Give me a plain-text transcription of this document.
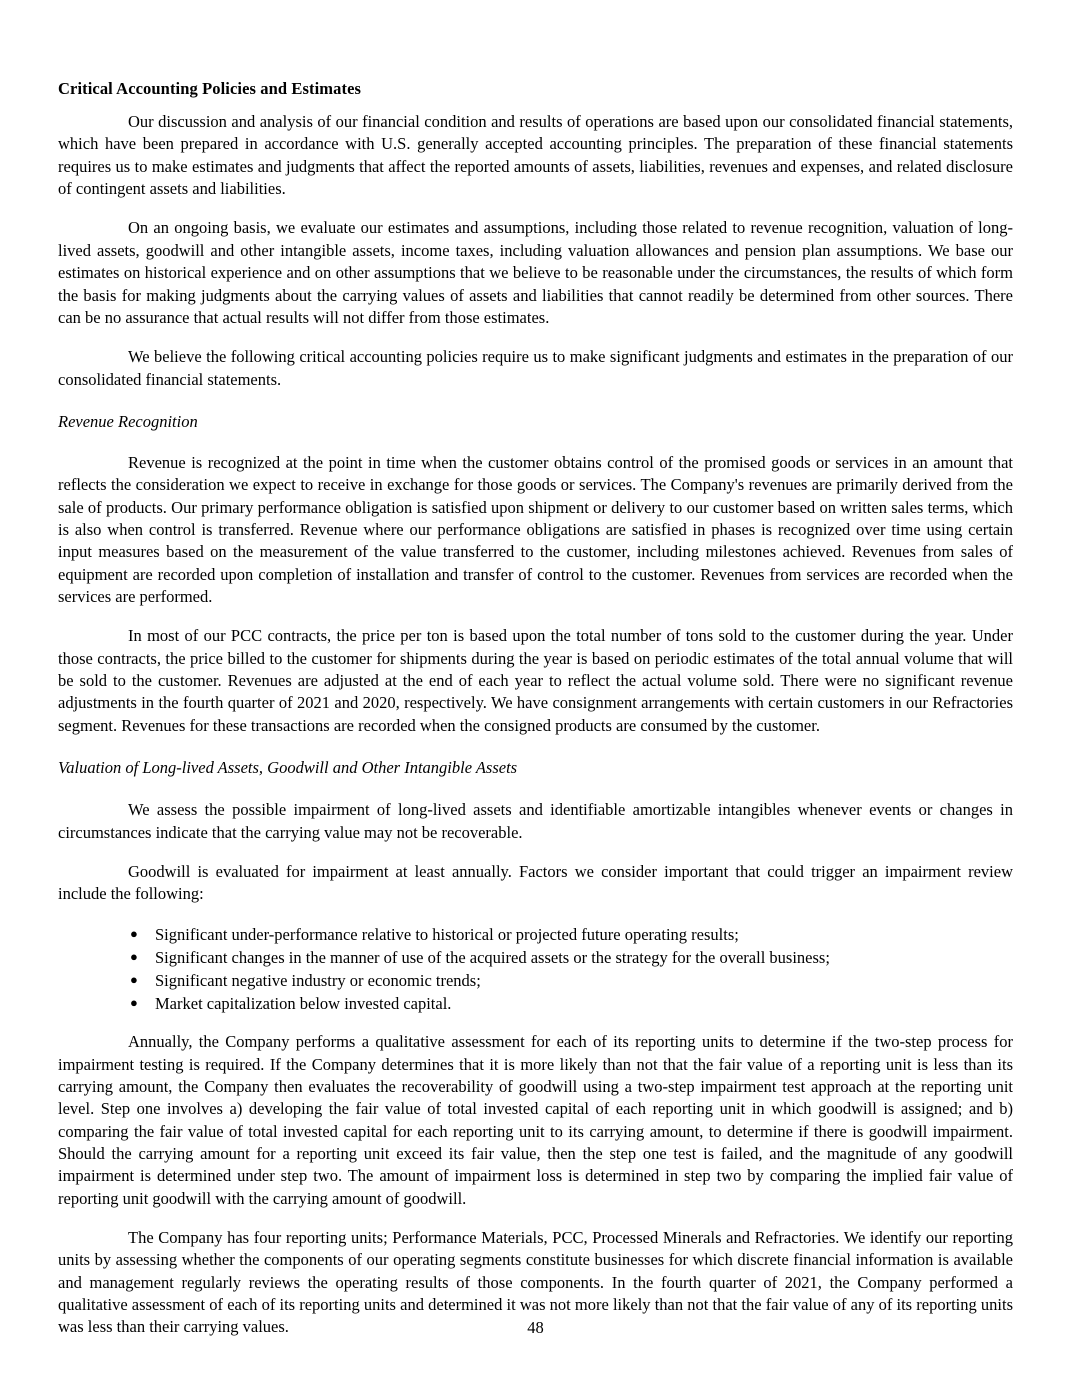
Critical Accounting Policies and Estimates

Our discussion and analysis of our financial condition and results of operations are based upon our consolidated financial statements, which have been prepared in accordance with U.S. generally accepted accounting principles. The preparation of these financial statements requires us to make estimates and judgments that affect the reported amounts of assets, liabilities, revenues and expenses, and related disclosure of contingent assets and liabilities.

On an ongoing basis, we evaluate our estimates and assumptions, including those related to revenue recognition, valuation of long-lived assets, goodwill and other intangible assets, income taxes, including valuation allowances and pension plan assumptions. We base our estimates on historical experience and on other assumptions that we believe to be reasonable under the circumstances, the results of which form the basis for making judgments about the carrying values of assets and liabilities that cannot readily be determined from other sources. There can be no assurance that actual results will not differ from those estimates.

We believe the following critical accounting policies require us to make significant judgments and estimates in the preparation of our consolidated financial statements.

Revenue Recognition

Revenue is recognized at the point in time when the customer obtains control of the promised goods or services in an amount that reflects the consideration we expect to receive in exchange for those goods or services. The Company's revenues are primarily derived from the sale of products. Our primary performance obligation is satisfied upon shipment or delivery to our customer based on written sales terms, which is also when control is transferred. Revenue where our performance obligations are satisfied in phases is recognized over time using certain input measures based on the measurement of the value transferred to the customer, including milestones achieved. Revenues from sales of equipment are recorded upon completion of installation and transfer of control to the customer. Revenues from services are recorded when the services are performed.

In most of our PCC contracts, the price per ton is based upon the total number of tons sold to the customer during the year. Under those contracts, the price billed to the customer for shipments during the year is based on periodic estimates of the total annual volume that will be sold to the customer. Revenues are adjusted at the end of each year to reflect the actual volume sold. There were no significant revenue adjustments in the fourth quarter of 2021 and 2020, respectively. We have consignment arrangements with certain customers in our Refractories segment. Revenues for these transactions are recorded when the consigned products are consumed by the customer.

Valuation of Long-lived Assets, Goodwill and Other Intangible Assets

We assess the possible impairment of long-lived assets and identifiable amortizable intangibles whenever events or changes in circumstances indicate that the carrying value may not be recoverable.

Goodwill is evaluated for impairment at least annually. Factors we consider important that could trigger an impairment review include the following:

● Significant under-performance relative to historical or projected future operating results;
● Significant changes in the manner of use of the acquired assets or the strategy for the overall business;
● Significant negative industry or economic trends;
● Market capitalization below invested capital.

Annually, the Company performs a qualitative assessment for each of its reporting units to determine if the two-step process for impairment testing is required. If the Company determines that it is more likely than not that the fair value of a reporting unit is less than its carrying amount, the Company then evaluates the recoverability of goodwill using a two-step impairment test approach at the reporting unit level. Step one involves a) developing the fair value of total invested capital of each reporting unit in which goodwill is assigned; and b) comparing the fair value of total invested capital for each reporting unit to its carrying amount, to determine if there is goodwill impairment. Should the carrying amount for a reporting unit exceed its fair value, then the step one test is failed, and the magnitude of any goodwill impairment is determined under step two. The amount of impairment loss is determined in step two by comparing the implied fair value of reporting unit goodwill with the carrying amount of goodwill.

The Company has four reporting units; Performance Materials, PCC, Processed Minerals and Refractories. We identify our reporting units by assessing whether the components of our operating segments constitute businesses for which discrete financial information is available and management regularly reviews the operating results of those components. In the fourth quarter of 2021, the Company performed a qualitative assessment of each of its reporting units and determined it was not more likely than not that the fair value of any of its reporting units was less than their carrying values.	48
